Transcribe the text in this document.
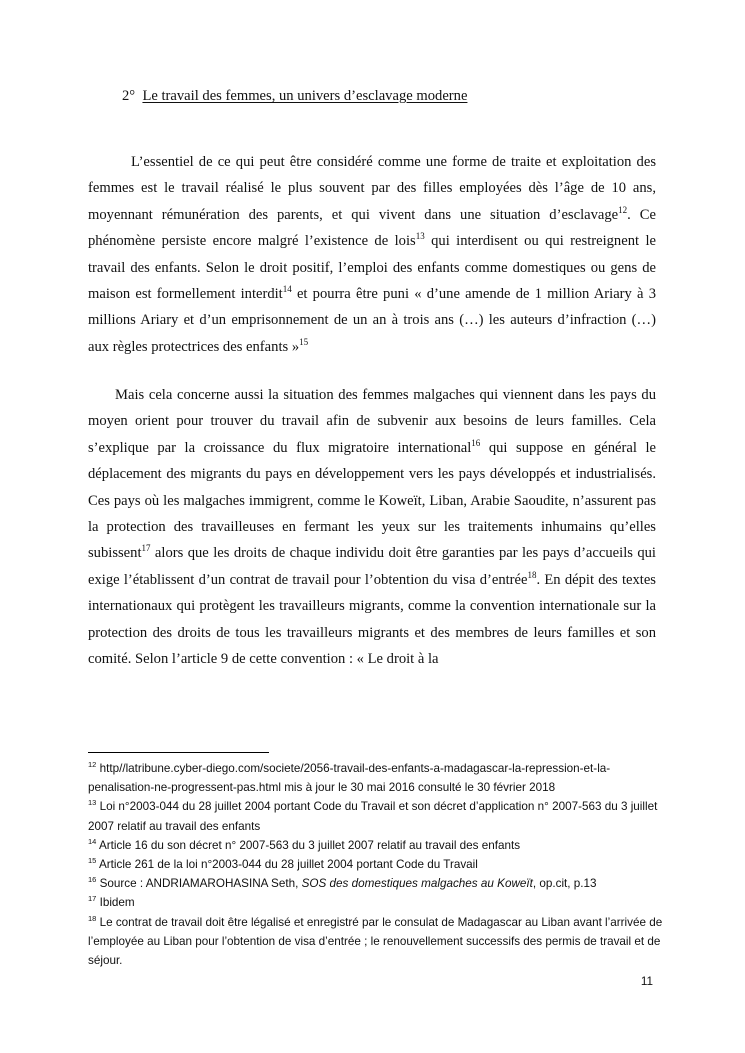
2° Le travail des femmes, un univers d’esclavage moderne

L’essentiel de ce qui peut être considéré comme une forme de traite et exploitation des femmes est le travail réalisé le plus souvent par des filles employées dès l’âge de 10 ans, moyennant rémunération des parents, et qui vivent dans une situation d’esclavage$^{12}$. Ce phénomène persiste encore malgré l’existence de lois$^{13}$ qui interdisent ou qui restreignent le travail des enfants. Selon le droit positif, l’emploi des enfants comme domestiques ou gens de maison est formellement interdit$^{14}$ et pourra être puni « d’une amende de 1 million Ariary à 3 millions Ariary et d’un emprisonnement de un an à trois ans (…) les auteurs d’infraction (…) aux règles protectrices des enfants »$^{15}$

Mais cela concerne aussi la situation des femmes malgaches qui viennent dans les pays du moyen orient pour trouver du travail afin de subvenir aux besoins de leurs familles. Cela s’explique par la croissance du flux migratoire international$^{16}$ qui suppose en général le déplacement des migrants du pays en développement vers les pays développés et industrialisés. Ces pays où les malgaches immigrent, comme le Koweït, Liban, Arabie Saoudite, n’assurent pas la protection des travailleuses en fermant les yeux sur les traitements inhumains qu’elles subissent$^{17}$ alors que les droits de chaque individu doit être garanties par les pays d’accueils qui exige l’établissent d’un contrat de travail pour l’obtention du visa d’entrée$^{18}$. En dépit des textes internationaux qui protègent les travailleurs migrants, comme la convention internationale sur la protection des droits de tous les travailleurs migrants et des membres de leurs familles et son comité. Selon l’article 9 de cette convention : « Le droit à la

$^{12}$ http//latribune.cyber-diego.com/societe/2056-travail-des-enfants-a-madagascar-la-repression-et-la-penalisation-ne-progressent-pas.html mis à jour le 30 mai 2016 consulté le 30 février 2018

$^{13}$ Loi n°2003-044 du 28 juillet 2004 portant Code du Travail et son décret d’application n° 2007-563 du 3 juillet 2007 relatif au travail des enfants

$^{14}$ Article 16 du son décret n° 2007-563 du 3 juillet 2007 relatif au travail des enfants

$^{15}$ Article 261 de la loi n°2003-044 du 28 juillet 2004 portant Code du Travail

$^{16}$ Source : ANDRIAMAROHASINA Seth, SOS des domestiques malgaches au Koweït, op.cit, p.13

$^{17}$ Ibidem

$^{18}$ Le contrat de travail doit être légalisé et enregistré par le consulat de Madagascar au Liban avant l’arrivée de l’employée au Liban pour l’obtention de visa d’entrée ; le renouvellement successifs des permis de travail et de séjour.

11
